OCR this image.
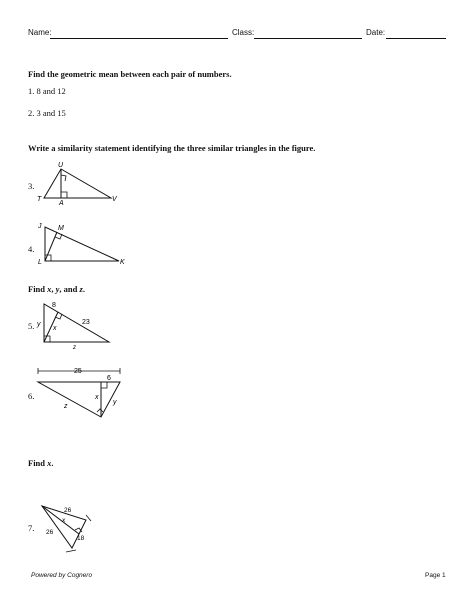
Name:	Class:	Date:
Find the geometric mean between each pair of numbers.
1. 8 and 12
2. 3 and 15
Write a similarity statement identifying the three similar triangles in the figure.
3.
U
T
A
V
4.
J M
L	K
Find x, y, and z.
5.
8
23
y
x
z
6.
25
6
x
y
z
Find x.
7.
26
26
x
18
Powered by Cognero	Page 1
